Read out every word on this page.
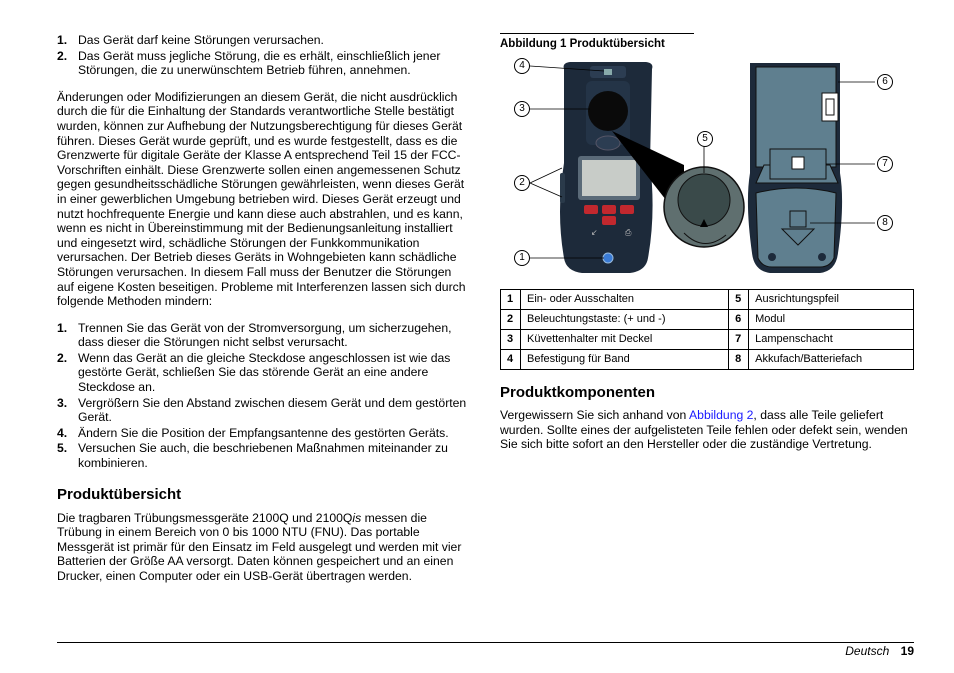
1. Das Gerät darf keine Störungen verursachen.
2. Das Gerät muss jegliche Störung, die es erhält, einschließlich jener Störungen, die zu unerwünschtem Betrieb führen, annehmen.

Änderungen oder Modifizierungen an diesem Gerät, die nicht ausdrücklich durch die für die Einhaltung der Standards verantwortliche Stelle bestätigt wurden, können zur Aufhebung der Nutzungsberechtigung für dieses Gerät führen. Dieses Gerät wurde geprüft, und es wurde festgestellt, dass es die Grenzwerte für digitale Geräte der Klasse A entsprechend Teil 15 der FCC-Vorschriften einhält. Diese Grenzwerte sollen einen angemessenen Schutz gegen gesundheitsschädliche Störungen gewährleisten, wenn dieses Gerät in einer gewerblichen Umgebung betrieben wird. Dieses Gerät erzeugt und nutzt hochfrequente Energie und kann diese auch abstrahlen, und es kann, wenn es nicht in Übereinstimmung mit der Bedienungsanleitung installiert und eingesetzt wird, schädliche Störungen der Funkkommunikation verursachen. Der Betrieb dieses Geräts in Wohngebieten kann schädliche Störungen verursachen. In diesem Fall muss der Benutzer die Störungen auf eigene Kosten beseitigen. Probleme mit Interferenzen lassen sich durch folgende Methoden mindern:

1. Trennen Sie das Gerät von der Stromversorgung, um sicherzugehen, dass dieser die Störungen nicht selbst verursacht.
2. Wenn das Gerät an die gleiche Steckdose angeschlossen ist wie das gestörte Gerät, schließen Sie das störende Gerät an eine andere Steckdose an.
3. Vergrößern Sie den Abstand zwischen diesem Gerät und dem gestörten Gerät.
4. Ändern Sie die Position der Empfangsantenne des gestörten Geräts.
5. Versuchen Sie auch, die beschriebenen Maßnahmen miteinander zu kombinieren.
Produktübersicht

Die tragbaren Trübungsmessgeräte 2100Q und 2100Qis messen die Trübung in einem Bereich von 0 bis 1000 NTU (FNU). Das portable Messgerät ist primär für den Einsatz im Feld ausgelegt und werden mit vier Batterien der Größe AA versorgt. Daten können gespeichert und an einen Drucker, einen Computer oder ein USB-Gerät übertragen werden.

Abbildung 1 Produktübersicht
↙	⎙
4
3
2
1
5
6
7
8
1	Ein- oder Ausschalten	5	Ausrichtungspfeil
2	Beleuchtungstaste: (+ und -)	6	Modul
3	Küvettenhalter mit Deckel	7	Lampenschacht
4	Befestigung für Band	8	Akkufach/Batteriefach
Produktkomponenten

Vergewissern Sie sich anhand von Abbildung 2, dass alle Teile geliefert wurden. Sollte eines der aufgelisteten Teile fehlen oder defekt sein, wenden Sie sich bitte sofort an den Hersteller oder die zuständige Vertretung.

Deutsch 19
